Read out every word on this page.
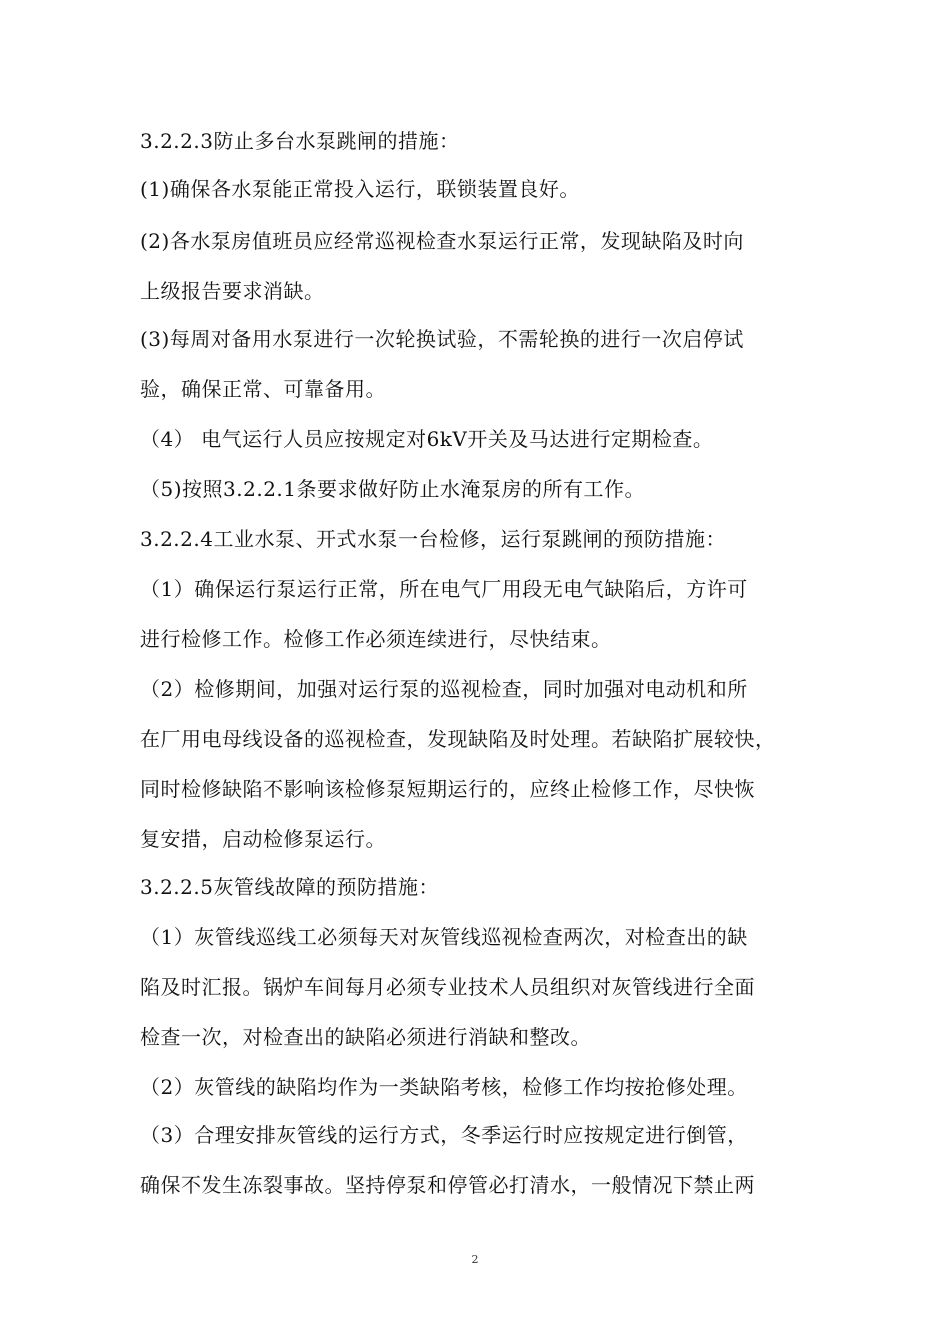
3.2.2.3防止多台水泵跳闸的措施：
(1)确保各水泵能正常投入运行，联锁装置良好。
(2)各水泵房值班员应经常巡视检查水泵运行正常，发现缺陷及时向
上级报告要求消缺。
(3)每周对备用水泵进行一次轮换试验，不需轮换的进行一次启停试
验，确保正常、可靠备用。
（4） 电气运行人员应按规定对6kV开关及马达进行定期检查。
（5)按照3.2.2.1条要求做好防止水淹泵房的所有工作。
3.2.2.4工业水泵、开式水泵一台检修，运行泵跳闸的预防措施：
（1）确保运行泵运行正常，所在电气厂用段无电气缺陷后，方许可
进行检修工作。检修工作必须连续进行，尽快结束。
（2）检修期间，加强对运行泵的巡视检查，同时加强对电动机和所
在厂用电母线设备的巡视检查，发现缺陷及时处理。若缺陷扩展较快，
同时检修缺陷不影响该检修泵短期运行的，应终止检修工作，尽快恢
复安措，启动检修泵运行。
3.2.2.5灰管线故障的预防措施：
（1）灰管线巡线工必须每天对灰管线巡视检查两次，对检查出的缺
陷及时汇报。锅炉车间每月必须专业技术人员组织对灰管线进行全面
检查一次，对检查出的缺陷必须进行消缺和整改。
（2）灰管线的缺陷均作为一类缺陷考核，检修工作均按抢修处理。
（3）合理安排灰管线的运行方式，冬季运行时应按规定进行倒管，
确保不发生冻裂事故。坚持停泵和停管必打清水，一般情况下禁止两
2
